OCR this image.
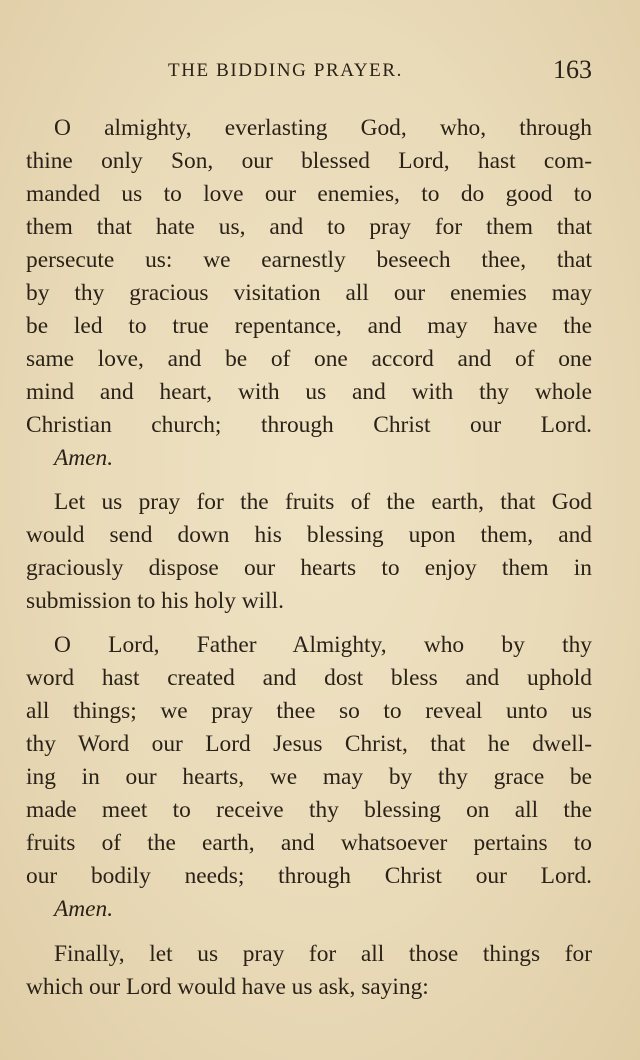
THE BIDDING PRAYER.	163
O almighty, everlasting God, who, through
thine only Son, our blessed Lord, hast com-
manded us to love our enemies, to do good to
them that hate us, and to pray for them that
persecute us: we earnestly beseech thee, that
by thy gracious visitation all our enemies may
be led to true repentance, and may have the
same love, and be of one accord and of one
mind and heart, with us and with thy whole
Christian church; through Christ our Lord.
Amen.
Let us pray for the fruits of the earth, that God
would send down his blessing upon them, and
graciously dispose our hearts to enjoy them in
submission to his holy will.
O Lord, Father Almighty, who by thy
word hast created and dost bless and uphold
all things; we pray thee so to reveal unto us
thy Word our Lord Jesus Christ, that he dwell-
ing in our hearts, we may by thy grace be
made meet to receive thy blessing on all the
fruits of the earth, and whatsoever pertains to
our bodily needs; through Christ our Lord.
Amen.
Finally, let us pray for all those things for
which our Lord would have us ask, saying:
